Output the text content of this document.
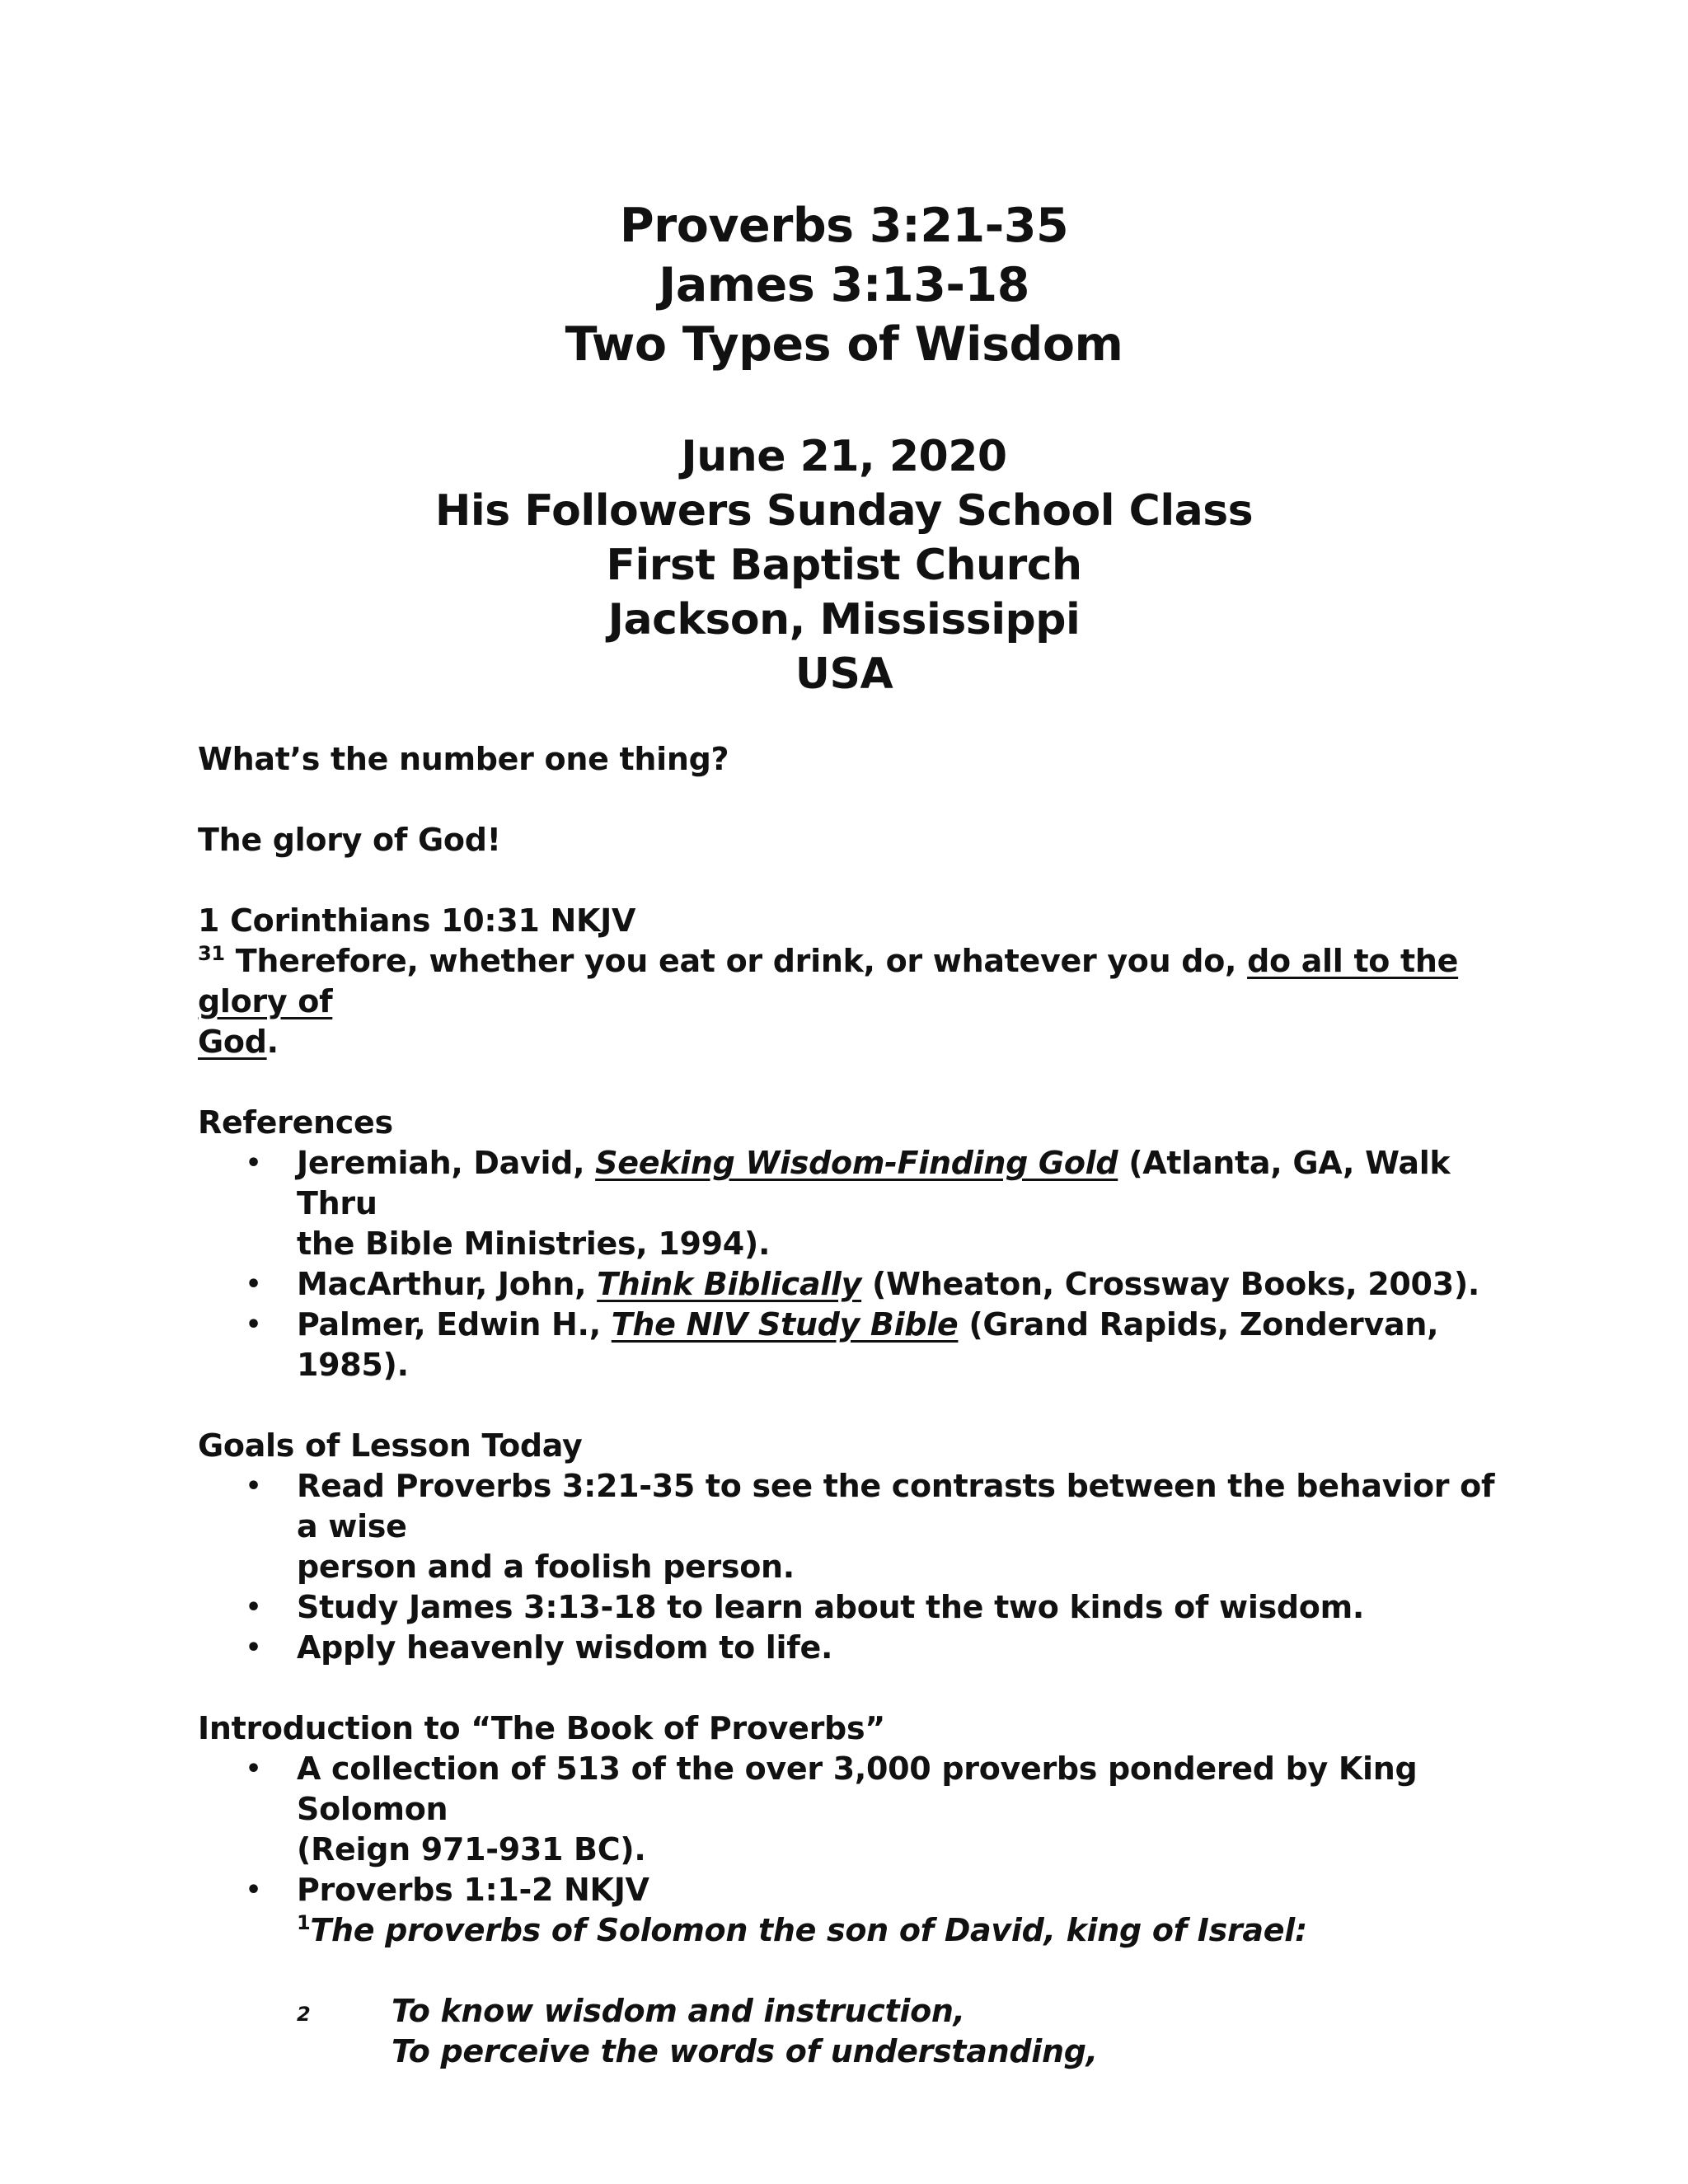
Proverbs 3:21-35
James 3:13-18
Two Types of Wisdom
June 21, 2020
His Followers Sunday School Class
First Baptist Church
Jackson, Mississippi
USA
What’s the number one thing?
The glory of God!
1 Corinthians 10:31 NKJV
$^{31}$ Therefore, whether you eat or drink, or whatever you do, do all to the glory of
God.
References
• Jeremiah, David, Seeking Wisdom-Finding Gold (Atlanta, GA, Walk Thru
the Bible Ministries, 1994).
• MacArthur, John, Think Biblically (Wheaton, Crossway Books, 2003).
• Palmer, Edwin H., The NIV Study Bible (Grand Rapids, Zondervan, 1985).
Goals of Lesson Today
• Read Proverbs 3:21-35 to see the contrasts between the behavior of a wise
person and a foolish person.
• Study James 3:13-18 to learn about the two kinds of wisdom.
• Apply heavenly wisdom to life.
Introduction to “The Book of Proverbs”
• A collection of 513 of the over 3,000 proverbs pondered by King Solomon
(Reign 971-931 BC).
• Proverbs 1:1-2 NKJV
$^1$The proverbs of Solomon the son of David, king of Israel:
2	To know wisdom and instruction,
To perceive the words of understanding,
